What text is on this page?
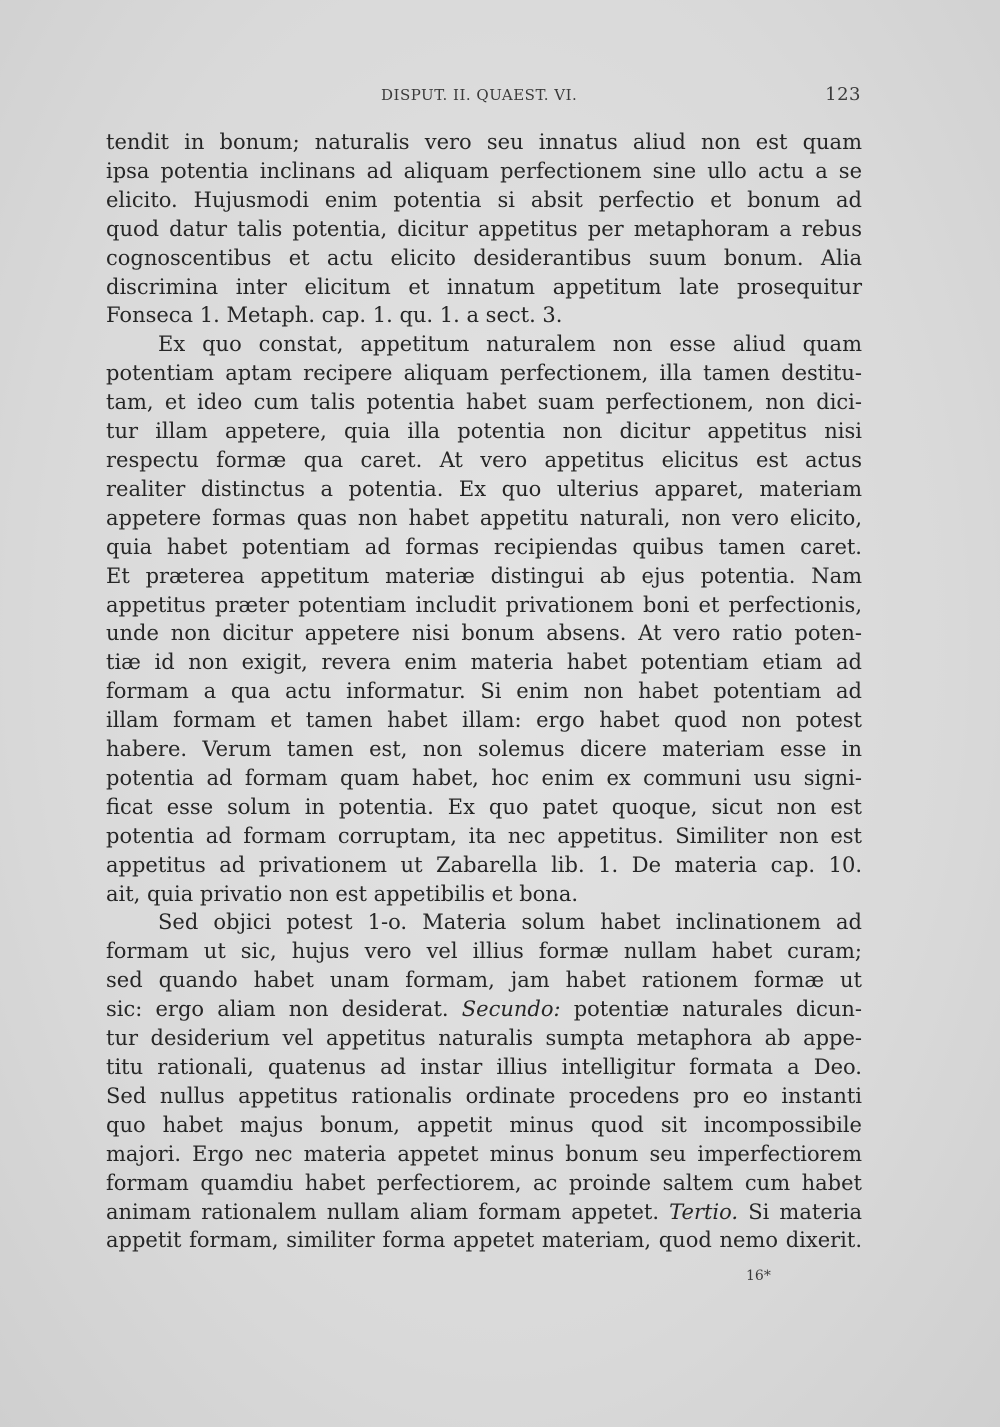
DISPUT. II. QUAEST. VI.	123
tendit in bonum; naturalis vero seu innatus aliud non est quam
ipsa potentia inclinans ad aliquam perfectionem sine ullo actu a se
elicito. Hujusmodi enim potentia si absit perfectio et bonum ad
quod datur talis potentia, dicitur appetitus per metaphoram a rebus
cognoscentibus et actu elicito desiderantibus suum bonum. Alia
discrimina inter elicitum et innatum appetitum late prosequitur
Fonseca 1. Metaph. cap. 1. qu. 1. a sect. 3.
Ex quo constat, appetitum naturalem non esse aliud quam
potentiam aptam recipere aliquam perfectionem, illa tamen destitu-
tam, et ideo cum talis potentia habet suam perfectionem, non dici-
tur illam appetere, quia illa potentia non dicitur appetitus nisi
respectu formæ qua caret. At vero appetitus elicitus est actus
realiter distinctus a potentia. Ex quo ulterius apparet, materiam
appetere formas quas non habet appetitu naturali, non vero elicito,
quia habet potentiam ad formas recipiendas quibus tamen caret.
Et præterea appetitum materiæ distingui ab ejus potentia. Nam
appetitus præter potentiam includit privationem boni et perfectionis,
unde non dicitur appetere nisi bonum absens. At vero ratio poten-
tiæ id non exigit, revera enim materia habet potentiam etiam ad
formam a qua actu informatur. Si enim non habet potentiam ad
illam formam et tamen habet illam: ergo habet quod non potest
habere. Verum tamen est, non solemus dicere materiam esse in
potentia ad formam quam habet, hoc enim ex communi usu signi-
ficat esse solum in potentia. Ex quo patet quoque, sicut non est
potentia ad formam corruptam, ita nec appetitus. Similiter non est
appetitus ad privationem ut Zabarella lib. 1. De materia cap. 10.
ait, quia privatio non est appetibilis et bona.
Sed objici potest 1-o. Materia solum habet inclinationem ad
formam ut sic, hujus vero vel illius formæ nullam habet curam;
sed quando habet unam formam, jam habet rationem formæ ut
sic: ergo aliam non desiderat. Secundo: potentiæ naturales dicun-
tur desiderium vel appetitus naturalis sumpta metaphora ab appe-
titu rationali, quatenus ad instar illius intelligitur formata a Deo.
Sed nullus appetitus rationalis ordinate procedens pro eo instanti
quo habet majus bonum, appetit minus quod sit incompossibile
majori. Ergo nec materia appetet minus bonum seu imperfectiorem
formam quamdiu habet perfectiorem, ac proinde saltem cum habet
animam rationalem nullam aliam formam appetet. Tertio. Si materia
appetit formam, similiter forma appetet materiam, quod nemo dixerit.
16*
